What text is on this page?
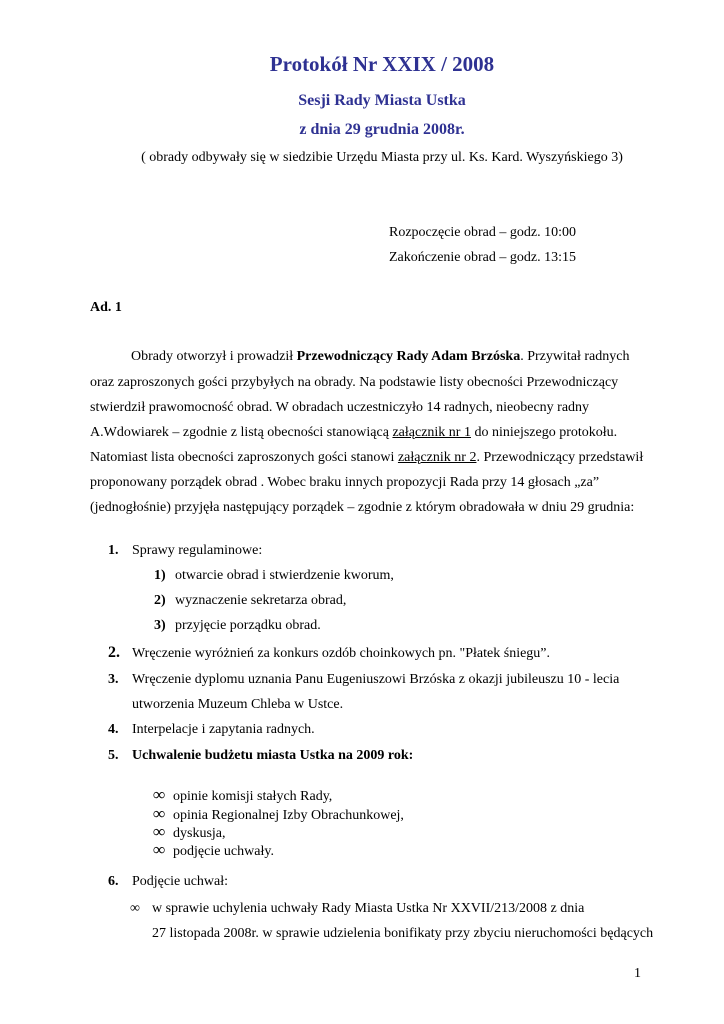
Protokół Nr XXIX / 2008
Sesji Rady Miasta Ustka
z dnia 29 grudnia 2008r.
( obrady odbywały się w siedzibie Urzędu Miasta przy ul. Ks. Kard. Wyszyńskiego 3)
Rozpoczęcie obrad – godz. 10:00
Zakończenie obrad – godz. 13:15
Ad. 1
Obrady otworzył i prowadził Przewodniczący Rady Adam Brzóska. Przywitał radnych
oraz zaproszonych gości przybyłych na obrady. Na podstawie listy obecności Przewodniczący
stwierdził prawomocność obrad. W obradach uczestniczyło 14 radnych, nieobecny radny
A.Wdowiarek – zgodnie z listą obecności stanowiącą załącznik nr 1 do niniejszego protokołu.
Natomiast lista obecności zaproszonych gości stanowi załącznik nr 2. Przewodniczący przedstawił
proponowany porządek obrad . Wobec braku innych propozycji Rada przy 14 głosach „za”
(jednogłośnie) przyjęła następujący porządek – zgodnie z którym obradowała w dniu 29 grudnia:
1. Sprawy regulaminowe:
1) otwarcie obrad i stwierdzenie kworum,
2) wyznaczenie sekretarza obrad,
3) przyjęcie porządku obrad.
2. Wręczenie wyróżnień za konkurs ozdób choinkowych pn. "Płatek śniegu”.
3. Wręczenie dyplomu uznania Panu Eugeniuszowi Brzóska z okazji jubileuszu 10 - lecia
utworzenia Muzeum Chleba w Ustce.
4. Interpelacje i zapytania radnych.
5. Uchwalenie budżetu miasta Ustka na 2009 rok:
∞ opinie komisji stałych Rady,
∞ opinia Regionalnej Izby Obrachunkowej,
∞ dyskusja,
∞ podjęcie uchwały.
6. Podjęcie uchwał:
∞ w sprawie uchylenia uchwały Rady Miasta Ustka Nr XXVII/213/2008 z dnia
27 listopada 2008r. w sprawie udzielenia bonifikaty przy zbyciu nieruchomości będących
1
